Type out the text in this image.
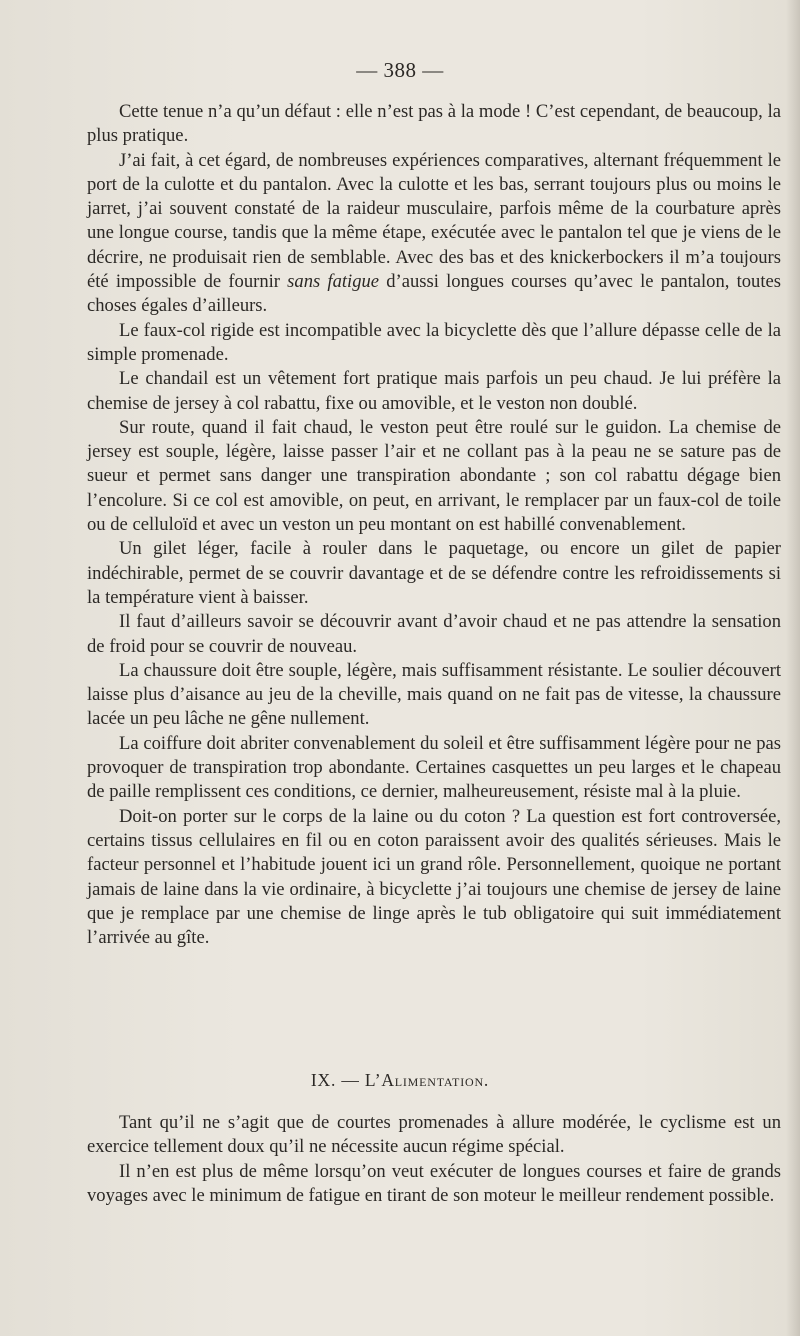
— 388 —

Cette tenue n’a qu’un défaut : elle n’est pas à la mode ! C’est cependant, de beaucoup, la plus pratique.

J’ai fait, à cet égard, de nombreuses expériences comparatives, alternant fréquemment le port de la culotte et du pantalon. Avec la culotte et les bas, serrant toujours plus ou moins le jarret, j’ai souvent constaté de la raideur musculaire, parfois même de la courbature après une longue course, tandis que la même étape, exécutée avec le pantalon tel que je viens de le décrire, ne produisait rien de semblable. Avec des bas et des knickerbockers il m’a toujours été impossible de fournir sans fatigue d’aussi longues courses qu’avec le pantalon, toutes choses égales d’ailleurs.

Le faux-col rigide est incompatible avec la bicyclette dès que l’allure dépasse celle de la simple promenade.

Le chandail est un vêtement fort pratique mais parfois un peu chaud. Je lui préfère la chemise de jersey à col rabattu, fixe ou amovible, et le veston non doublé.

Sur route, quand il fait chaud, le veston peut être roulé sur le guidon. La chemise de jersey est souple, légère, laisse passer l’air et ne collant pas à la peau ne se sature pas de sueur et permet sans danger une transpiration abondante ; son col rabattu dégage bien l’encolure. Si ce col est amovible, on peut, en arrivant, le remplacer par un faux-col de toile ou de celluloïd et avec un veston un peu montant on est habillé convenablement.

Un gilet léger, facile à rouler dans le paquetage, ou encore un gilet de papier indéchirable, permet de se couvrir davantage et de se défendre contre les refroidissements si la température vient à baisser.

Il faut d’ailleurs savoir se découvrir avant d’avoir chaud et ne pas attendre la sensation de froid pour se couvrir de nouveau.

La chaussure doit être souple, légère, mais suffisamment résistante. Le soulier découvert laisse plus d’aisance au jeu de la cheville, mais quand on ne fait pas de vitesse, la chaussure lacée un peu lâche ne gêne nullement.

La coiffure doit abriter convenablement du soleil et être suffisamment légère pour ne pas provoquer de transpiration trop abondante. Certaines casquettes un peu larges et le chapeau de paille remplissent ces conditions, ce dernier, malheureusement, résiste mal à la pluie.

Doit-on porter sur le corps de la laine ou du coton ? La question est fort controversée, certains tissus cellulaires en fil ou en coton paraissent avoir des qualités sérieuses. Mais le facteur personnel et l’habitude jouent ici un grand rôle. Personnellement, quoique ne portant jamais de laine dans la vie ordinaire, à bicyclette j’ai toujours une chemise de jersey de laine que je remplace par une chemise de linge après le tub obligatoire qui suit immédiatement l’arrivée au gîte.

IX. — L’Alimentation.

Tant qu’il ne s’agit que de courtes promenades à allure modérée, le cyclisme est un exercice tellement doux qu’il ne nécessite aucun régime spécial.

Il n’en est plus de même lorsqu’on veut exécuter de longues courses et faire de grands voyages avec le minimum de fatigue en tirant de son moteur le meilleur rendement possible.
